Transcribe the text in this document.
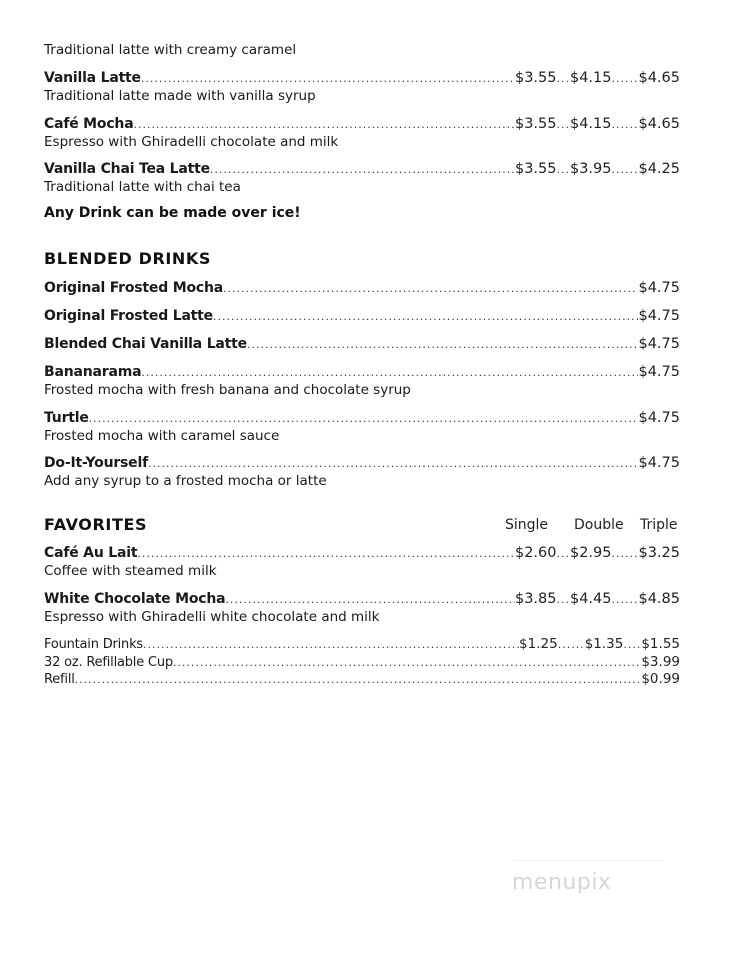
Traditional latte with creamy caramel
Vanilla Latte .....	$3.55 ... $4.15 ...... $4.65
Traditional latte made with vanilla syrup
Café Mocha .....	$3.55 ... $4.15 ...... $4.65
Espresso with Ghiradelli chocolate and milk
Vanilla Chai Tea Latte .....	$3.55 ... $3.95 ...... $4.25
Traditional latte with chai tea
Any Drink can be made over ice!
BLENDED DRINKS
Original Frosted Mocha .....	$4.75
Original Frosted Latte .....	$4.75
Blended Chai Vanilla Latte .....	$4.75
Bananarama .....	$4.75
Frosted mocha with fresh banana and chocolate syrup
Turtle .....	$4.75
Frosted mocha with caramel sauce
Do-It-Yourself .....	$4.75
Add any syrup to a frosted mocha or latte
FAVORITES	Single Double Triple
Café Au Lait .....	$2.60 ... $2.95 ...... $3.25
Coffee with steamed milk
White Chocolate Mocha .....	$3.85 ... $4.45 ...... $4.85
Espresso with Ghiradelli white chocolate and milk
Fountain Drinks .....	$1.25 ...... $1.35 .... $1.55
32 oz. Refillable Cup .....	$3.99
Refill .....	$0.99
menupix
